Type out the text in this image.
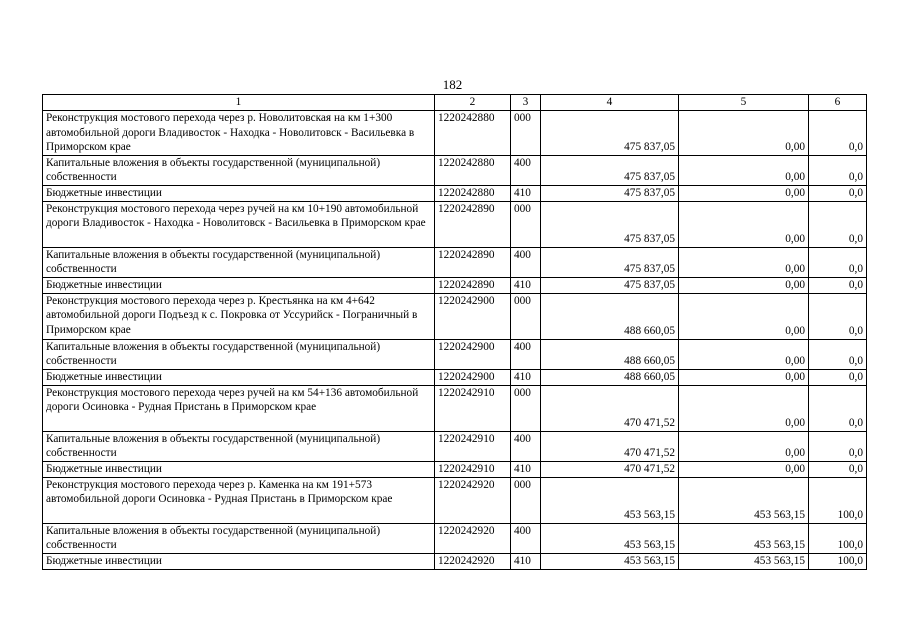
182
1	2	3	4	5	6
Реконструкция мостового перехода через р. Новолитовская на км 1+300 автомобильной дороги Владивосток - Находка - Новолитовск - Васильевка в Приморском крае	1220242880	000	475 837,05	0,00	0,0
Капитальные вложения в объекты государственной (муниципальной) собственности	1220242880	400	475 837,05	0,00	0,0
Бюджетные инвестиции	1220242880	410	475 837,05	0,00	0,0
Реконструкция мостового перехода через ручей на км 10+190 автомобильной дороги Владивосток - Находка - Новолитовск - Васильевка в Приморском крае	1220242890	000	475 837,05	0,00	0,0
Капитальные вложения в объекты государственной (муниципальной) собственности	1220242890	400	475 837,05	0,00	0,0
Бюджетные инвестиции	1220242890	410	475 837,05	0,00	0,0
Реконструкция мостового перехода через р. Крестьянка на км 4+642 автомобильной дороги Подъезд к с. Покровка от Уссурийск - Пограничный в Приморском крае	1220242900	000	488 660,05	0,00	0,0
Капитальные вложения в объекты государственной (муниципальной) собственности	1220242900	400	488 660,05	0,00	0,0
Бюджетные инвестиции	1220242900	410	488 660,05	0,00	0,0
Реконструкция мостового перехода через ручей на км 54+136 автомобильной дороги Осиновка - Рудная Пристань в Приморском крае	1220242910	000	470 471,52	0,00	0,0
Капитальные вложения в объекты государственной (муниципальной) собственности	1220242910	400	470 471,52	0,00	0,0
Бюджетные инвестиции	1220242910	410	470 471,52	0,00	0,0
Реконструкция мостового перехода через р. Каменка на км 191+573 автомобильной дороги Осиновка - Рудная Пристань в Приморском крае	1220242920	000	453 563,15	453 563,15	100,0
Капитальные вложения в объекты государственной (муниципальной) собственности	1220242920	400	453 563,15	453 563,15	100,0
Бюджетные инвестиции	1220242920	410	453 563,15	453 563,15	100,0
